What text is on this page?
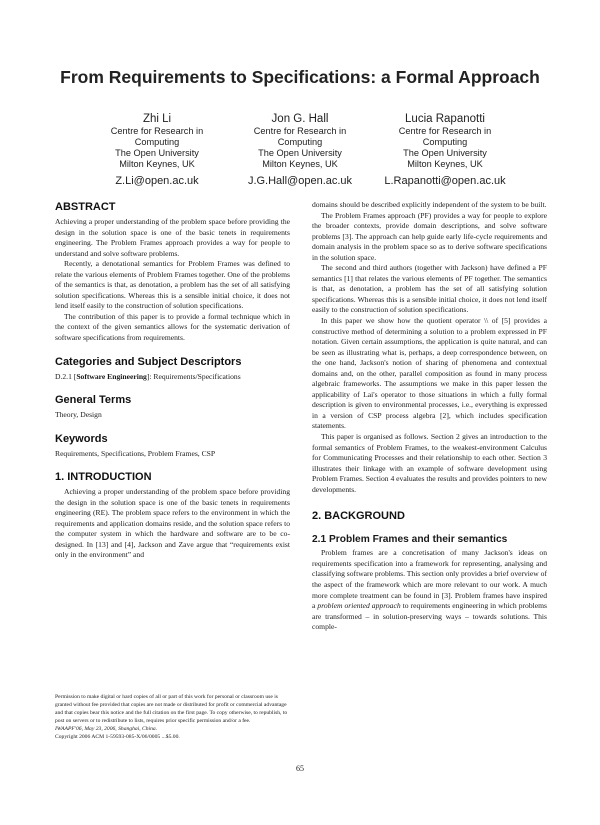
From Requirements to Specifications: a Formal Approach
Zhi Li
Centre for Research in
Computing
The Open University
Milton Keynes, UK
Z.Li@open.ac.uk
Jon G. Hall
Centre for Research in
Computing
The Open University
Milton Keynes, UK
J.G.Hall@open.ac.uk
Lucia Rapanotti
Centre for Research in
Computing
The Open University
Milton Keynes, UK
L.Rapanotti@open.ac.uk
ABSTRACT

Achieving a proper understanding of the problem space before providing the design in the solution space is one of the basic tenets in requirements engineering. The Problem Frames approach provides a way for people to understand and solve software problems.

Recently, a denotational semantics for Problem Frames was defined to relate the various elements of Problem Frames together. One of the problems of the semantics is that, as denotation, a problem has the set of all satisfying solution specifications. Whereas this is a sensible initial choice, it does not lend itself easily to the construction of solution specifications.

The contribution of this paper is to provide a formal technique which in the context of the given semantics allows for the systematic derivation of software specifications from requirements.

Categories and Subject Descriptors

D.2.1 [Software Engineering]: Requirements/Specifications

General Terms

Theory, Design

Keywords

Requirements, Specifications, Problem Frames, CSP

1. INTRODUCTION

Achieving a proper understanding of the problem space before providing the design in the solution space is one of the basic tenets in requirements engineering (RE). The problem space refers to the environment in which the requirements and application domains reside, and the solution space refers to the computer system in which the hardware and software are to be co-designed. In [13] and [4], Jackson and Zave argue that “requirements exist only in the environment” and

Permission to make digital or hard copies of all or part of this work for personal or classroom use is granted without fee provided that copies are not made or distributed for profit or commercial advantage and that copies bear this notice and the full citation on the first page. To copy otherwise, to republish, to post on servers or to redistribute to lists, requires prior specific permission and/or a fee.

IWAAPF'06, May 23, 2006, Shanghai, China.

Copyright 2006 ACM 1-59593-085-X/06/0005 ...$5.00.

domains should be described explicitly independent of the system to be built.

The Problem Frames approach (PF) provides a way for people to explore the broader contexts, provide domain descriptions, and solve software problems [3]. The approach can help guide early life-cycle requirements and domain analysis in the problem space so as to derive software specifications in the solution space.

The second and third authors (together with Jackson) have defined a PF semantics [1] that relates the various elements of PF together. The semantics is that, as denotation, a problem has the set of all satisfying solution specifications. Whereas this is a sensible initial choice, it does not lend itself easily to the construction of solution specifications.

In this paper we show how the quotient operator \\ of [5] provides a constructive method of determining a solution to a problem expressed in PF notation. Given certain assumptions, the application is quite natural, and can be seen as illustrating what is, perhaps, a deep correspondence between, on the one hand, Jackson's notion of sharing of phenomena and contextual domains and, on the other, parallel composition as found in many process algebraic frameworks. The assumptions we make in this paper lessen the applicability of Lai's operator to those situations in which a fully formal description is given to environmental processes, i.e., everything is expressed in a version of CSP process algebra [2], which includes specification statements.

This paper is organised as follows. Section 2 gives an introduction to the formal semantics of Problem Frames, to the weakest-environment Calculus for Communicating Processes and their relationship to each other. Section 3 illustrates their linkage with an example of software development using Problem Frames. Section 4 evaluates the results and provides pointers to new developments.

2. BACKGROUND
2.1 Problem Frames and their semantics

Problem frames are a concretisation of many Jackson's ideas on requirements specification into a framework for representing, analysing and classifying software problems. This section only provides a brief overview of the aspect of the framework which are more relevant to our work. A much more complete treatment can be found in [3]. Problem frames have inspired a problem oriented approach to requirements engineering in which problems are transformed – in solution-preserving ways – towards solutions. This comple-

65
